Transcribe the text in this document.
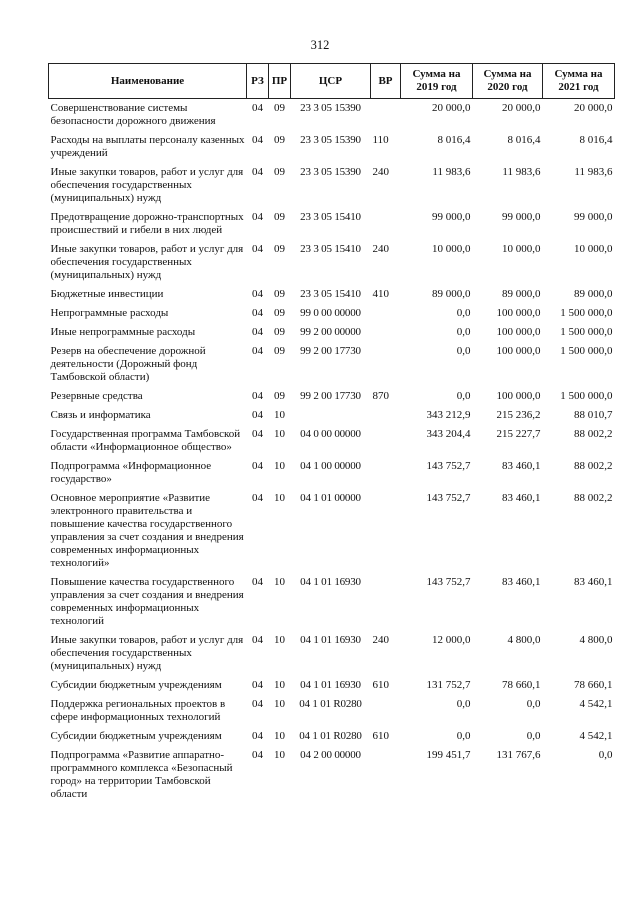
312
Наименование	РЗ	ПР	ЦСР	ВР	Сумма на 2019 год	Сумма на 2020 год	Сумма на 2021 год
Совершенствование системы безопасности дорожного движения	04	09	23 3 05 15390		20 000,0	20 000,0	20 000,0
Расходы на выплаты персоналу казенных учреждений	04	09	23 3 05 15390	110	8 016,4	8 016,4	8 016,4
Иные закупки товаров, работ и услуг для обеспечения государственных (муниципальных) нужд	04	09	23 3 05 15390	240	11 983,6	11 983,6	11 983,6
Предотвращение дорожно-транспортных происшествий и гибели в них людей	04	09	23 3 05 15410		99 000,0	99 000,0	99 000,0
Иные закупки товаров, работ и услуг для обеспечения государственных (муниципальных) нужд	04	09	23 3 05 15410	240	10 000,0	10 000,0	10 000,0
Бюджетные инвестиции	04	09	23 3 05 15410	410	89 000,0	89 000,0	89 000,0
Непрограммные расходы	04	09	99 0 00 00000		0,0	100 000,0	1 500 000,0
Иные непрограммные расходы	04	09	99 2 00 00000		0,0	100 000,0	1 500 000,0
Резерв на обеспечение дорожной деятельности (Дорожный фонд Тамбовской области)	04	09	99 2 00 17730		0,0	100 000,0	1 500 000,0
Резервные средства	04	09	99 2 00 17730	870	0,0	100 000,0	1 500 000,0
Связь и информатика	04	10			343 212,9	215 236,2	88 010,7
Государственная программа Тамбовской области «Информационное общество»	04	10	04 0 00 00000		343 204,4	215 227,7	88 002,2
Подпрограмма «Информационное государство»	04	10	04 1 00 00000		143 752,7	83 460,1	88 002,2
Основное мероприятие «Развитие электронного правительства и повышение качества государственного управления за счет создания и внедрения современных информационных технологий»	04	10	04 1 01 00000		143 752,7	83 460,1	88 002,2
Повышение качества государственного управления за счет создания и внедрения современных информационных технологий	04	10	04 1 01 16930		143 752,7	83 460,1	83 460,1
Иные закупки товаров, работ и услуг для обеспечения государственных (муниципальных) нужд	04	10	04 1 01 16930	240	12 000,0	4 800,0	4 800,0
Субсидии бюджетным учреждениям	04	10	04 1 01 16930	610	131 752,7	78 660,1	78 660,1
Поддержка региональных проектов в сфере информационных технологий	04	10	04 1 01 R0280		0,0	0,0	4 542,1
Субсидии бюджетным учреждениям	04	10	04 1 01 R0280	610	0,0	0,0	4 542,1
Подпрограмма «Развитие аппаратно-программного комплекса «Безопасный город» на территории Тамбовской области	04	10	04 2 00 00000		199 451,7	131 767,6	0,0
